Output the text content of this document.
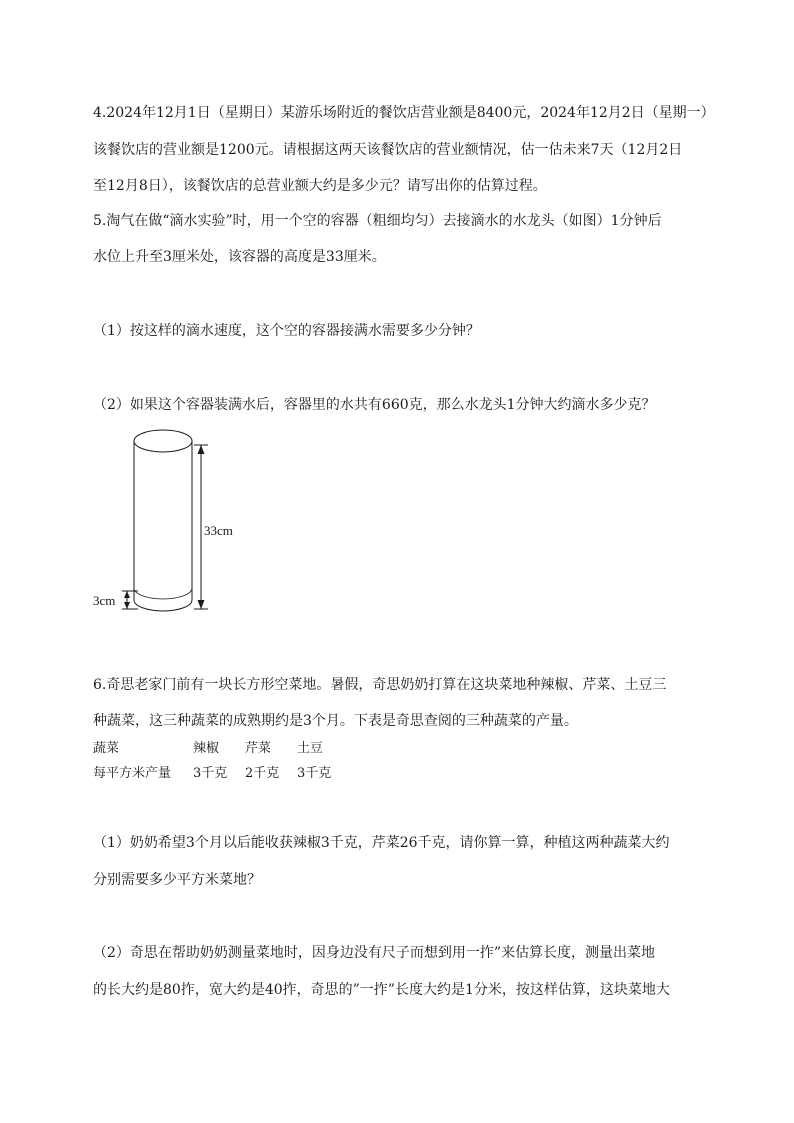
4.2024年12月1日（星期日）某游乐场附近的餐饮店营业额是8400元，2024年12月2日（星期一）
该餐饮店的营业额是1200元。请根据这两天该餐饮店的营业额情况，估一估未来7天（12月2日
至12月8日），该餐饮店的总营业额大约是多少元？请写出你的估算过程。
5.淘气在做“滴水实验”时，用一个空的容器（粗细均匀）去接滴水的水龙头（如图）1分钟后
水位上升至3厘米处，该容器的高度是33厘米。
（1）按这样的滴水速度，这个空的容器接满水需要多少分钟？
（2）如果这个容器装满水后，容器里的水共有660克，那么水龙头1分钟大约滴水多少克？
33cm
3cm
6.奇思老家门前有一块长方形空菜地。暑假，奇思奶奶打算在这块菜地种辣椒、芹菜、土豆三
种蔬菜，这三种蔬菜的成熟期约是3个月。下表是奇思查阅的三种蔬菜的产量。
蔬菜	辣椒 芹菜 土豆
每平方米产量 3千克 2千克 3千克
（1）奶奶希望3个月以后能收获辣椒3千克，芹菜26千克，请你算一算，种植这两种蔬菜大约
分别需要多少平方米菜地？
（2）奇思在帮助奶奶测量菜地时，因身边没有尺子而想到用一拃”来估算长度，测量出菜地
的长大约是80拃，宽大约是40拃，奇思的”一拃”长度大约是1分米，按这样估算，这块菜地大
